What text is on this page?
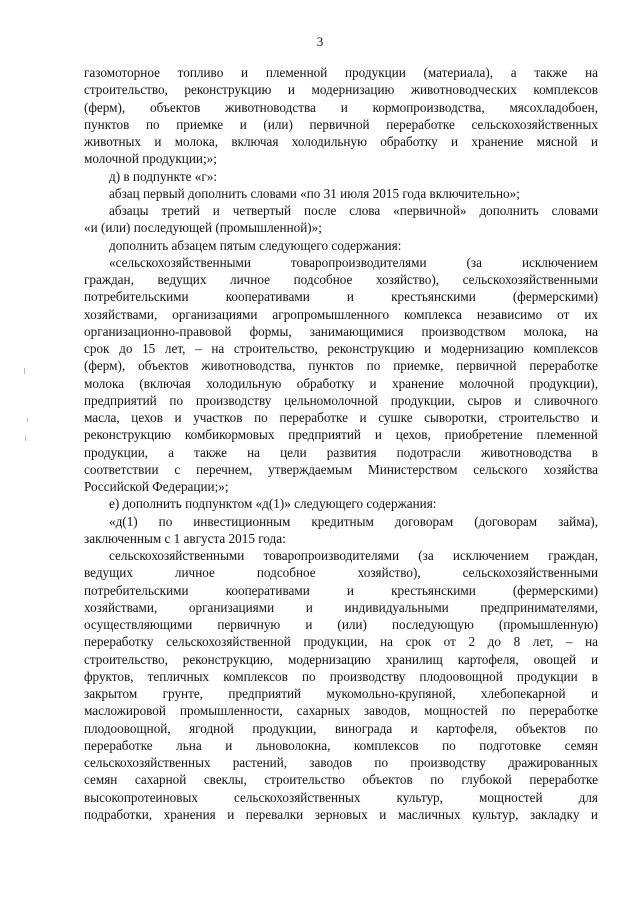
3
газомоторное топливо и племенной продукции (материала), а также на
строительство, реконструкцию и модернизацию животноводческих комплексов
(ферм), объектов животноводства и кормопроизводства, мясохладобоен,
пунктов по приемке и (или) первичной переработке сельскохозяйственных
животных и молока, включая холодильную обработку и хранение мясной и
молочной продукции;»;
д) в подпункте «г»:
абзац первый дополнить словами «по 31 июля 2015 года включительно»;
абзацы третий и четвертый после слова «первичной» дополнить словами
«и (или) последующей (промышленной)»;
дополнить абзацем пятым следующего содержания:
«сельскохозяйственными товаропроизводителями (за исключением
граждан, ведущих личное подсобное хозяйство), сельскохозяйственными
потребительскими кооперативами и крестьянскими (фермерскими)
хозяйствами, организациями агропромышленного комплекса независимо от их
организационно-правовой формы, занимающимися производством молока, на
срок до 15 лет, – на строительство, реконструкцию и модернизацию комплексов
(ферм), объектов животноводства, пунктов по приемке, первичной переработке
молока (включая холодильную обработку и хранение молочной продукции),
предприятий по производству цельномолочной продукции, сыров и сливочного
масла, цехов и участков по переработке и сушке сыворотки, строительство и
реконструкцию комбикормовых предприятий и цехов, приобретение племенной
продукции, а также на цели развития подотрасли животноводства в
соответствии с перечнем, утверждаемым Министерством сельского хозяйства
Российской Федерации;»;
е) дополнить подпунктом «д(1)» следующего содержания:
«д(1) по инвестиционным кредитным договорам (договорам займа),
заключенным с 1 августа 2015 года:
сельскохозяйственными товаропроизводителями (за исключением граждан,
ведущих личное подсобное хозяйство), сельскохозяйственными
потребительскими кооперативами и крестьянскими (фермерскими)
хозяйствами, организациями и индивидуальными предпринимателями,
осуществляющими первичную и (или) последующую (промышленную)
переработку сельскохозяйственной продукции, на срок от 2 до 8 лет, – на
строительство, реконструкцию, модернизацию хранилищ картофеля, овощей и
фруктов, тепличных комплексов по производству плодоовощной продукции в
закрытом грунте, предприятий мукомольно-крупяной, хлебопекарной и
масложировой промышленности, сахарных заводов, мощностей по переработке
плодоовощной, ягодной продукции, винограда и картофеля, объектов по
переработке льна и льноволокна, комплексов по подготовке семян
сельскохозяйственных растений, заводов по производству дражированных
семян сахарной свеклы, строительство объектов по глубокой переработке
высокопротеиновых сельскохозяйственных культур, мощностей для
подработки, хранения и перевалки зерновых и масличных культур, закладку и
